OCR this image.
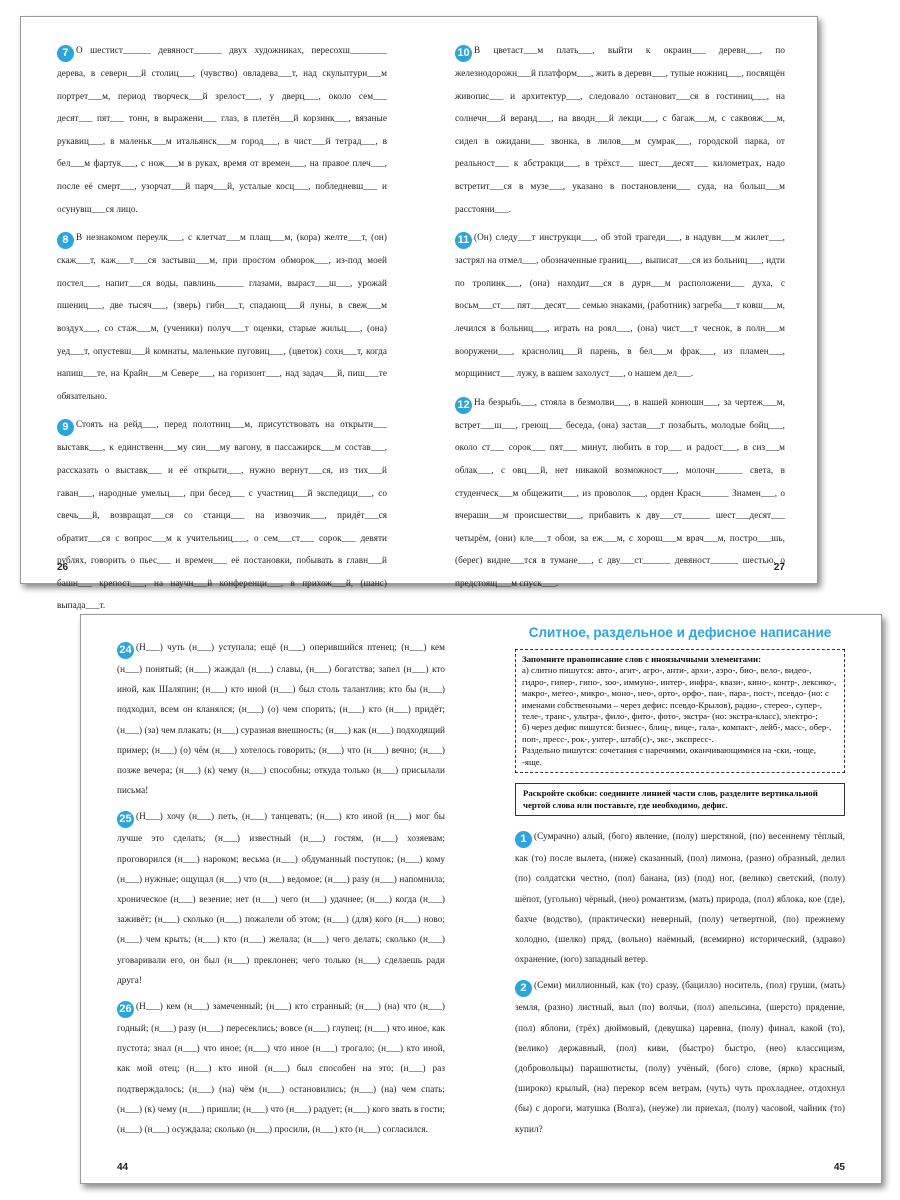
7 О шестист______ девяност______ двух художниках, пересохш________ дерева, в северн___й столиц___, (чувство) овладева___т, над скульптури___м портрет___м, период творческ___й зрелост___, у дверц___, около сем___ десят___ пят___ тонн, в выражени___ глаз, в плетён___й корзинк___, вязаные рукавиц___, в маленьк___м итальянск___м город___, в чист___й тетрад___, в бел___м фартук___, с нож___м в руках, время от времен___, на правое плеч___, после её смерт___, узорчат___й парч___й, усталые косц___, побледневш___ и осунувш___ся лицо.

8 В незнакомом переулк___, с клетчат___м плащ___м, (кора) желте___т, (он) скаж___т, каж___т___ся застывш___м, при простом обморок___, из-под моей постел___, напит___ся воды, павлинь______ глазами, выраст___ш___, урожай пшениц___, две тысяч___, (зверь) гибн___т, спадающ___й луны, в свеж___м воздух___, со стаж___м, (ученики) получ___т оценки, старые жильц___, (она) уед___т, опустевш___й комнаты, маленькие пуговиц___, (цветок) сохн___т, когда напиш___те, на Крайн___м Севере___, на горизонт___, над задач___й, пиш___те обязательно.

9 Стоять на рейд___, перед полотниц___м, присутствовать на открыти___ выставк___, к единственн___му син___му вагону, в пассажирск___м состав___, рассказать о выставк___ и её открыти___, нужно вернут___ся, из тих___й гаван___, народные умельц___, при бесед___ с участниц___й экспедици___, со свечь___й, возвращат___ся со станци___ на извозчик___, придёт___ся обратит___ся с вопрос___м к учительниц___, о сем___ст___ сорок___ девяти рублях, говорить о пьес___ и времен___ её постановки, побывать в главн___й башн___ крепост___, на научн___й конференци___, в прихож___й, (шанс) выпада___т.

26

10 В цветаст___м плать___, выйти к окраин___ деревн___, по железнодорожн___й платформ___, жить в деревн___, тупые ножниц___, посвящён живопис___ и архитектур___, следовало остановит___ся в гостиниц___, на солнечн___й веранд___, на вводн___й лекци___, с багаж___м, с саквояж___м, сидел в ожидани___ звонка, в лилов___м сумрак___, городской парка, от реальност___ к абстракци___, в трёхст___ шест___десят___ километрах, надо встретит___ся в музе___, указано в постановлени___ суда, на больш___м расстояни___.

11 (Он) следу___т инструкци___, об этой трагеди___, в надувн___м жилет___, застрял на отмел___, обозначенные границ___, выписат___ся из больниц___, идти по тропинк___, (она) находит___ся в дурн___м расположени___ духа, с восьм___ст___ пят___десят___ семью знаками, (работник) загреба___т ковш___м, лечился в больниц___, играть на роял___, (она) чист___т чеснок, в полн___м вооружени___, краснолиц___й парень, в бел___м фрак___, из пламен___, морщинист___ лужу, в вашем захолуст___, о нашем дел___.

12 На безрыбь___, стояла в безмолви___, в нашей конюшн___, за чертеж___м, встрет___ш___, греющ___ беседа, (она) застав___т позабыть, молодые бойц___, около ст___ сорок___ пят___ минут, любить в гор___ и радост___, в сиз___м облак___, с овц___й, нет никакой возможност___, молочн______ света, в студенческ___м общежити___, из проволок___, орден Красн______ Знамен___, о вчерашн___м происшестви___, прибавить к дву___ст______ шест___десят___ четырём, (они) кле___т обои, за еж___м, с хорош___м врач___м, постро___шь, (берег) видне___тся в тумане___, с дву___ст______ девяност______ шестью, о предстоящ___м спуск___.

27

24 (Н___) чуть (н___) уступала; ещё (н___) оперившийся птенец; (н___) кем (н___) понятый; (н___) жаждал (н___) славы, (н___) богатства; запел (н___) кто иной, как Шаляпин; (н___) кто иной (н___) был столь талантлив; кто бы (н___) подходил, всем он кланялся; (н___) (о) чем спорить; (н___) кто (н___) придёт; (н___) (за) чем плакать; (н___) суразная внешность; (н___) как (н___) подходящий пример; (н___) (о) чём (н___) хотелось говорить; (н___) что (н___) вечно; (н___) позже вечера; (н___) (к) чему (н___) способны; откуда только (н___) присылали письма!

25 (Н___) хочу (н___) петь, (н___) танцевать; (н___) кто иной (н___) мог бы лучше это сделать; (н___) известный (н___) гостям, (н___) хозяевам; проговорился (н___) нароком; весьма (н___) обдуманный поступок; (н___) кому (н___) нужные; ощущал (н___) что (н___) ведомое; (н___) разу (н___) напомнила; хроническое (н___) везение; нет (н___) чего (н___) удачнее; (н___) когда (н___) заживёт; (н___) сколько (н___) пожалели об этом; (н___) (для) кого (н___) ново; (н___) чем крыть; (н___) кто (н___) желала; (н___) чего делать; сколько (н___) уговаривали его, он был (н___) преклонен; чего только (н___) сделаешь ради друга!

26 (Н___) кем (н___) замеченный; (н___) кто странный; (н___) (на) что (н___) годный; (н___) разу (н___) пересеклись; вовсе (н___) глупец; (н___) что иное, как пустота; знал (н___) что иное; (н___) что иное (н___) трогало; (н___) кто иной, как мой отец; (н___) кто иной (н___) был способен на это; (н___) раз подтверждалось; (н___) (на) чём (н___) остановились; (н___) (на) чем спать; (н___) (к) чему (н___) пришли; (н___) что (н___) радует; (н___) кого звать в гости; (н___) (н___) осуждала; сколько (н___) просили, (н___) кто (н___) согласился.

44
Слитное, раздельное и дефисное написание

Запомните правописание слов с иноязычными элементами:

а) слитно пишутся: авто-, агит-, агро-, анти-, архи-, аэро-, био-, вело-, видео-, гидро-, гипер-, гипо-, зоо-, иммуно-, интер-, инфра-, квази-, кино-, контр-, лексико-, макро-, метео-, микро-, моно-, нео-, орто-, орфо-, пан-, пара-, пост-, псевдо- (но: с именами собственными – через дефис: псевдо-Крылов), радио-, стерео-, супер-, теле-, транс-, ультра-, фило-, фито-, фото-, экстра- (но: экстра-класс), электро-;

б) через дефис пишутся: бизнес-, блиц-, вице-, гала-, компакт-, лейб-, масс-, обер-, поп-, пресс-, рок-, унтер-, штаб(с)-, экс-, экспресс-.

Раздельно пишутся: сочетания с наречиями, оканчивающимися на -ски, -юще, -яще.

Раскройте скобки: соедините линией части слов, разделите вертикальной чертой слова или поставьте, где необходимо, дефис.

1 (Сумрачно) алый, (бого) явление, (полу) шерстяной, (по) весеннему тёплый, как (то) после вылета, (ниже) сказанный, (пол) лимона, (разно) образный, делил (по) солдатски честно, (пол) банана, (из) (под) ног, (велико) светский, (полу) шёпот, (угольно) чёрный, (нео) романтизм, (мать) природа, (пол) яблока, кое (где), бахче (водство), (практически) неверный, (полу) четвертной, (по) прежнему холодно, (шелко) пряд, (вольно) наёмный, (всемирно) исторический, (здраво) охранение, (юго) западный ветер.

2 (Семи) миллионный, как (то) сразу, (бацилло) носитель, (пол) груши, (мать) земля, (разно) листный, выл (по) волчьи, (пол) апельсина, (шерсто) прядение, (пол) яблони, (трёх) дюймовый, (девушка) царевна, (полу) финал, какой (то), (велико) державный, (пол) киви, (быстро) быстро, (нео) классицизм, (добровольцы) парашютисты, (полу) учёный, (бого) слове, (ярко) красный, (широко) крылый, (на) перекор всем ветрам, (чуть) чуть прохладнее, отдохнул (бы) с дороги, матушка (Волга), (неуже) ли приехал, (полу) часовой, чайник (то) купил?

45
